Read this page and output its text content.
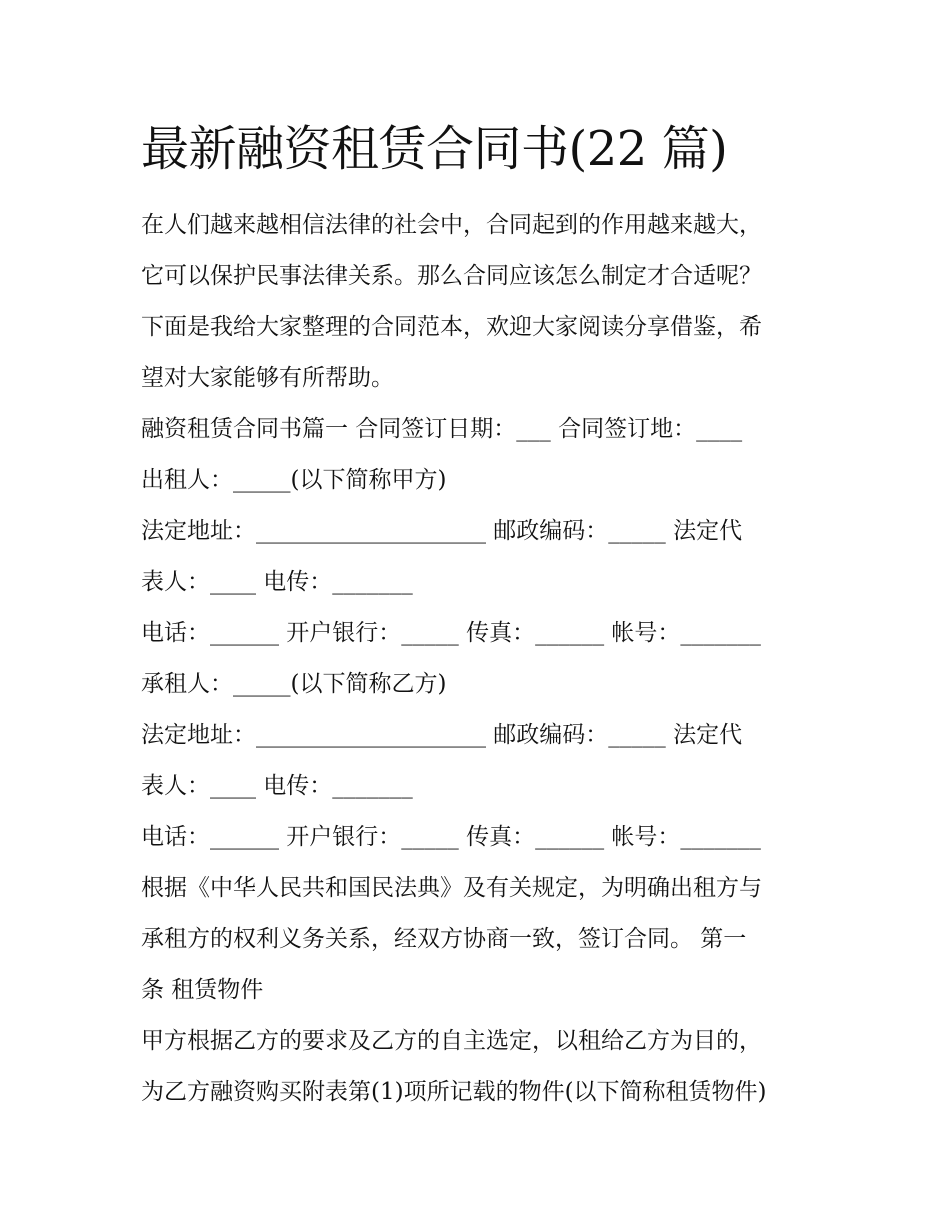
最新融资租赁合同书(22 篇)

在人们越来越相信法律的社会中，合同起到的作用越来越大，

它可以保护民事法律关系。那么合同应该怎么制定才合适呢？

下面是我给大家整理的合同范本，欢迎大家阅读分享借鉴，希

望对大家能够有所帮助。

融资租赁合同书篇一 合同签订日期：___ 合同签订地：____

出租人：_____(以下简称甲方)

法定地址：____________________ 邮政编码：_____ 法定代

表人：____ 电传：_______

电话：______ 开户银行：_____ 传真：______ 帐号：_______

承租人：_____(以下简称乙方)

法定地址：____________________ 邮政编码：_____ 法定代

表人：____ 电传：_______

电话：______ 开户银行：_____ 传真：______ 帐号：_______

根据《中华人民共和国民法典》及有关规定，为明确出租方与

承租方的权利义务关系，经双方协商一致，签订合同。 第一

条 租赁物件

甲方根据乙方的要求及乙方的自主选定，以租给乙方为目的，

为乙方融资购买附表第(1)项所记载的物件(以下简称租赁物件)
